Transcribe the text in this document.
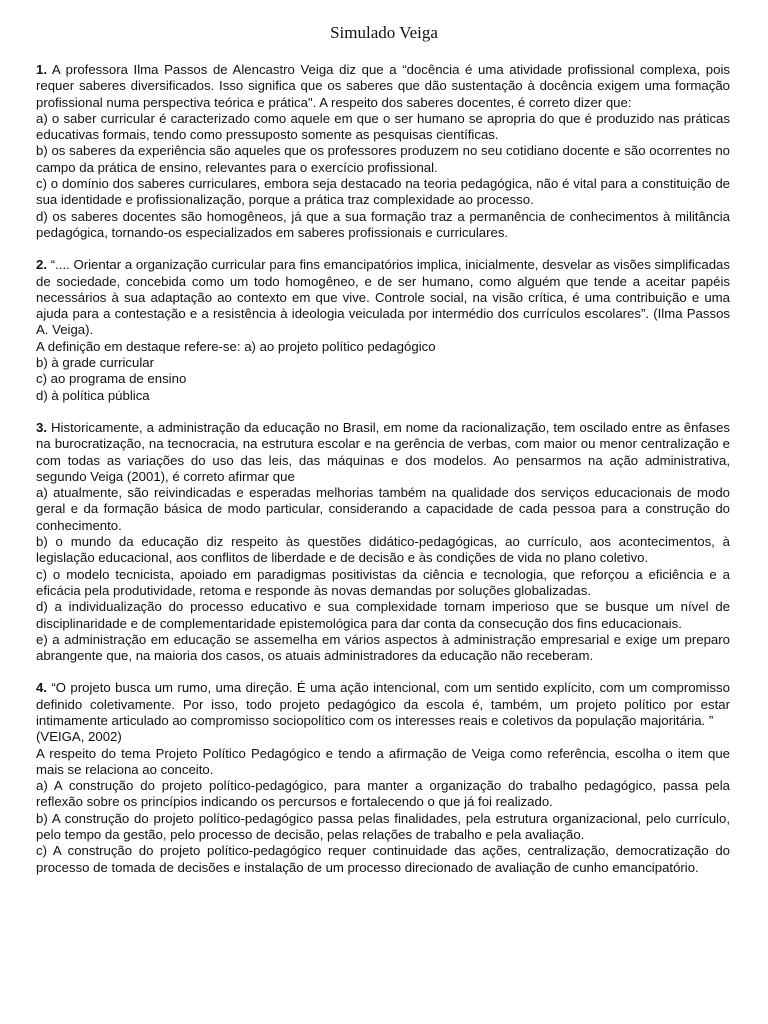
Simulado Veiga

1. A professora Ilma Passos de Alencastro Veiga diz que a “docência é uma atividade profissional complexa, pois requer saberes diversificados. Isso significa que os saberes que dão sustentação à docência exigem uma formação profissional numa perspectiva teórica e prática". A respeito dos saberes docentes, é correto dizer que:

a) o saber curricular é caracterizado como aquele em que o ser humano se apropria do que é produzido nas práticas educativas formais, tendo como pressuposto somente as pesquisas científicas.

b) os saberes da experiência são aqueles que os professores produzem no seu cotidiano docente e são ocorrentes no campo da prática de ensino, relevantes para o exercício profissional.

c) o domínio dos saberes curriculares, embora seja destacado na teoria pedagógica, não é vital para a constituição de sua identidade e profissionalização, porque a prática traz complexidade ao processo.

d) os saberes docentes são homogêneos, já que a sua formação traz a permanência de conhecimentos à militância pedagógica, tornando-os especializados em saberes profissionais e curriculares.

2. “.... Orientar a organização curricular para fins emancipatórios implica, inicialmente, desvelar as visões simplificadas de sociedade, concebida como um todo homogêneo, e de ser humano, como alguém que tende a aceitar papéis necessários à sua adaptação ao contexto em que vive. Controle social, na visão crítica, é uma contribuição e uma ajuda para a contestação e a resistência à ideologia veiculada por intermédio dos currículos escolares”. (Ilma Passos A. Veiga).

A definição em destaque refere-se: a) ao projeto político pedagógico

b) à grade curricular

c) ao programa de ensino

d) à política pública

3. Historicamente, a administração da educação no Brasil, em nome da racionalização, tem oscilado entre as ênfases na burocratização, na tecnocracia, na estrutura escolar e na gerência de verbas, com maior ou menor centralização e com todas as variações do uso das leis, das máquinas e dos modelos. Ao pensarmos na ação administrativa, segundo Veiga (2001), é correto afirmar que

a) atualmente, são reivindicadas e esperadas melhorias também na qualidade dos serviços educacionais de modo geral e da formação básica de modo particular, considerando a capacidade de cada pessoa para a construção do conhecimento.

b) o mundo da educação diz respeito às questões didático-pedagógicas, ao currículo, aos acontecimentos, à legislação educacional, aos conflitos de liberdade e de decisão e às condições de vida no plano coletivo.

c) o modelo tecnicista, apoiado em paradigmas positivistas da ciência e tecnologia, que reforçou a eficiência e a eficácia pela produtividade, retoma e responde às novas demandas por soluções globalizadas.

d) a individualização do processo educativo e sua complexidade tornam imperioso que se busque um nível de disciplinaridade e de complementaridade epistemológica para dar conta da consecução dos fins educacionais.

e) a administração em educação se assemelha em vários aspectos à administração empresarial e exige um preparo abrangente que, na maioria dos casos, os atuais administradores da educação não receberam.

4. “O projeto busca um rumo, uma direção. É uma ação intencional, com um sentido explícito, com um compromisso definido coletivamente. Por isso, todo projeto pedagógico da escola é, também, um projeto político por estar intimamente articulado ao compromisso sociopolítico com os interesses reais e coletivos da população majoritária. ”

(VEIGA, 2002)

A respeito do tema Projeto Político Pedagógico e tendo a afirmação de Veiga como referência, escolha o item que mais se relaciona ao conceito.

a) A construção do projeto político-pedagógico, para manter a organização do trabalho pedagógico, passa pela reflexão sobre os princípios indicando os percursos e fortalecendo o que já foi realizado.

b) A construção do projeto político-pedagógico passa pelas finalidades, pela estrutura organizacional, pelo currículo, pelo tempo da gestão, pelo processo de decisão, pelas relações de trabalho e pela avaliação.

c) A construção do projeto político-pedagógico requer continuidade das ações, centralização, democratização do processo de tomada de decisões e instalação de um processo direcionado de avaliação de cunho emancipatório.
